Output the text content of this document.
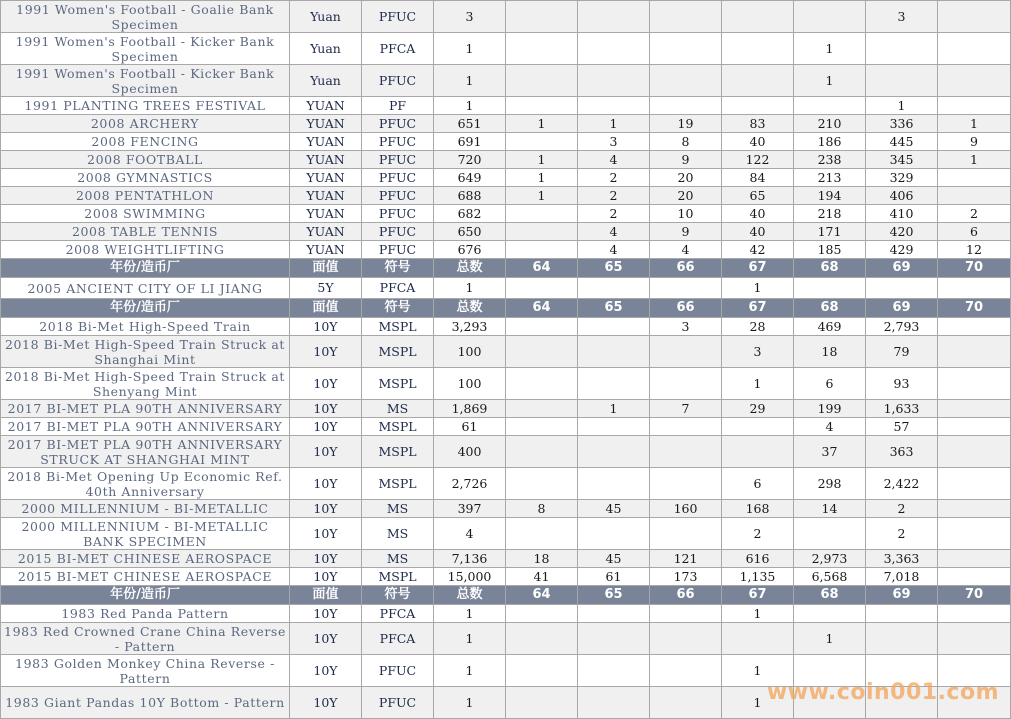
1991 Women's Football - Goalie Bank Specimen	Yuan	PFUC	3						3	
1991 Women's Football - Kicker Bank Specimen	Yuan	PFCA	1					1		
1991 Women's Football - Kicker Bank Specimen	Yuan	PFUC	1					1		
1991 PLANTING TREES FESTIVAL	YUAN	PF	1						1	
2008 ARCHERY	YUAN	PFUC	651	1	1	19	83	210	336	1
2008 FENCING	YUAN	PFUC	691		3	8	40	186	445	9
2008 FOOTBALL	YUAN	PFUC	720	1	4	9	122	238	345	1
2008 GYMNASTICS	YUAN	PFUC	649	1	2	20	84	213	329	
2008 PENTATHLON	YUAN	PFUC	688	1	2	20	65	194	406	
2008 SWIMMING	YUAN	PFUC	682		2	10	40	218	410	2
2008 TABLE TENNIS	YUAN	PFUC	650		4	9	40	171	420	6
2008 WEIGHTLIFTING	YUAN	PFUC	676		4	4	42	185	429	12
年份/造币厂	面值	符号	总数	64	65	66	67	68	69	70
2005 ANCIENT CITY OF LI JIANG	5Y	PFCA	1				1			
年份/造币厂	面值	符号	总数	64	65	66	67	68	69	70
2018 Bi-Met High-Speed Train	10Y	MSPL	3,293			3	28	469	2,793	
2018 Bi-Met High-Speed Train Struck at Shanghai Mint	10Y	MSPL	100				3	18	79	
2018 Bi-Met High-Speed Train Struck at Shenyang Mint	10Y	MSPL	100				1	6	93	
2017 BI-MET PLA 90TH ANNIVERSARY	10Y	MS	1,869		1	7	29	199	1,633	
2017 BI-MET PLA 90TH ANNIVERSARY	10Y	MSPL	61					4	57	
2017 BI-MET PLA 90TH ANNIVERSARY STRUCK AT SHANGHAI MINT	10Y	MSPL	400					37	363	
2018 Bi-Met Opening Up Economic Ref. 40th Anniversary	10Y	MSPL	2,726				6	298	2,422	
2000 MILLENNIUM - BI-METALLIC	10Y	MS	397	8	45	160	168	14	2	
2000 MILLENNIUM - BI-METALLIC BANK SPECIMEN	10Y	MS	4				2		2	
2015 BI-MET CHINESE AEROSPACE	10Y	MS	7,136	18	45	121	616	2,973	3,363	
2015 BI-MET CHINESE AEROSPACE	10Y	MSPL	15,000	41	61	173	1,135	6,568	7,018	
年份/造币厂	面值	符号	总数	64	65	66	67	68	69	70
1983 Red Panda Pattern	10Y	PFCA	1				1			
1983 Red Crowned Crane China Reverse - Pattern	10Y	PFCA	1					1		
1983 Golden Monkey China Reverse - Pattern	10Y	PFUC	1				1			
1983 Giant Pandas 10Y Bottom - Pattern	10Y	PFUC	1				1			www.coin001.com
